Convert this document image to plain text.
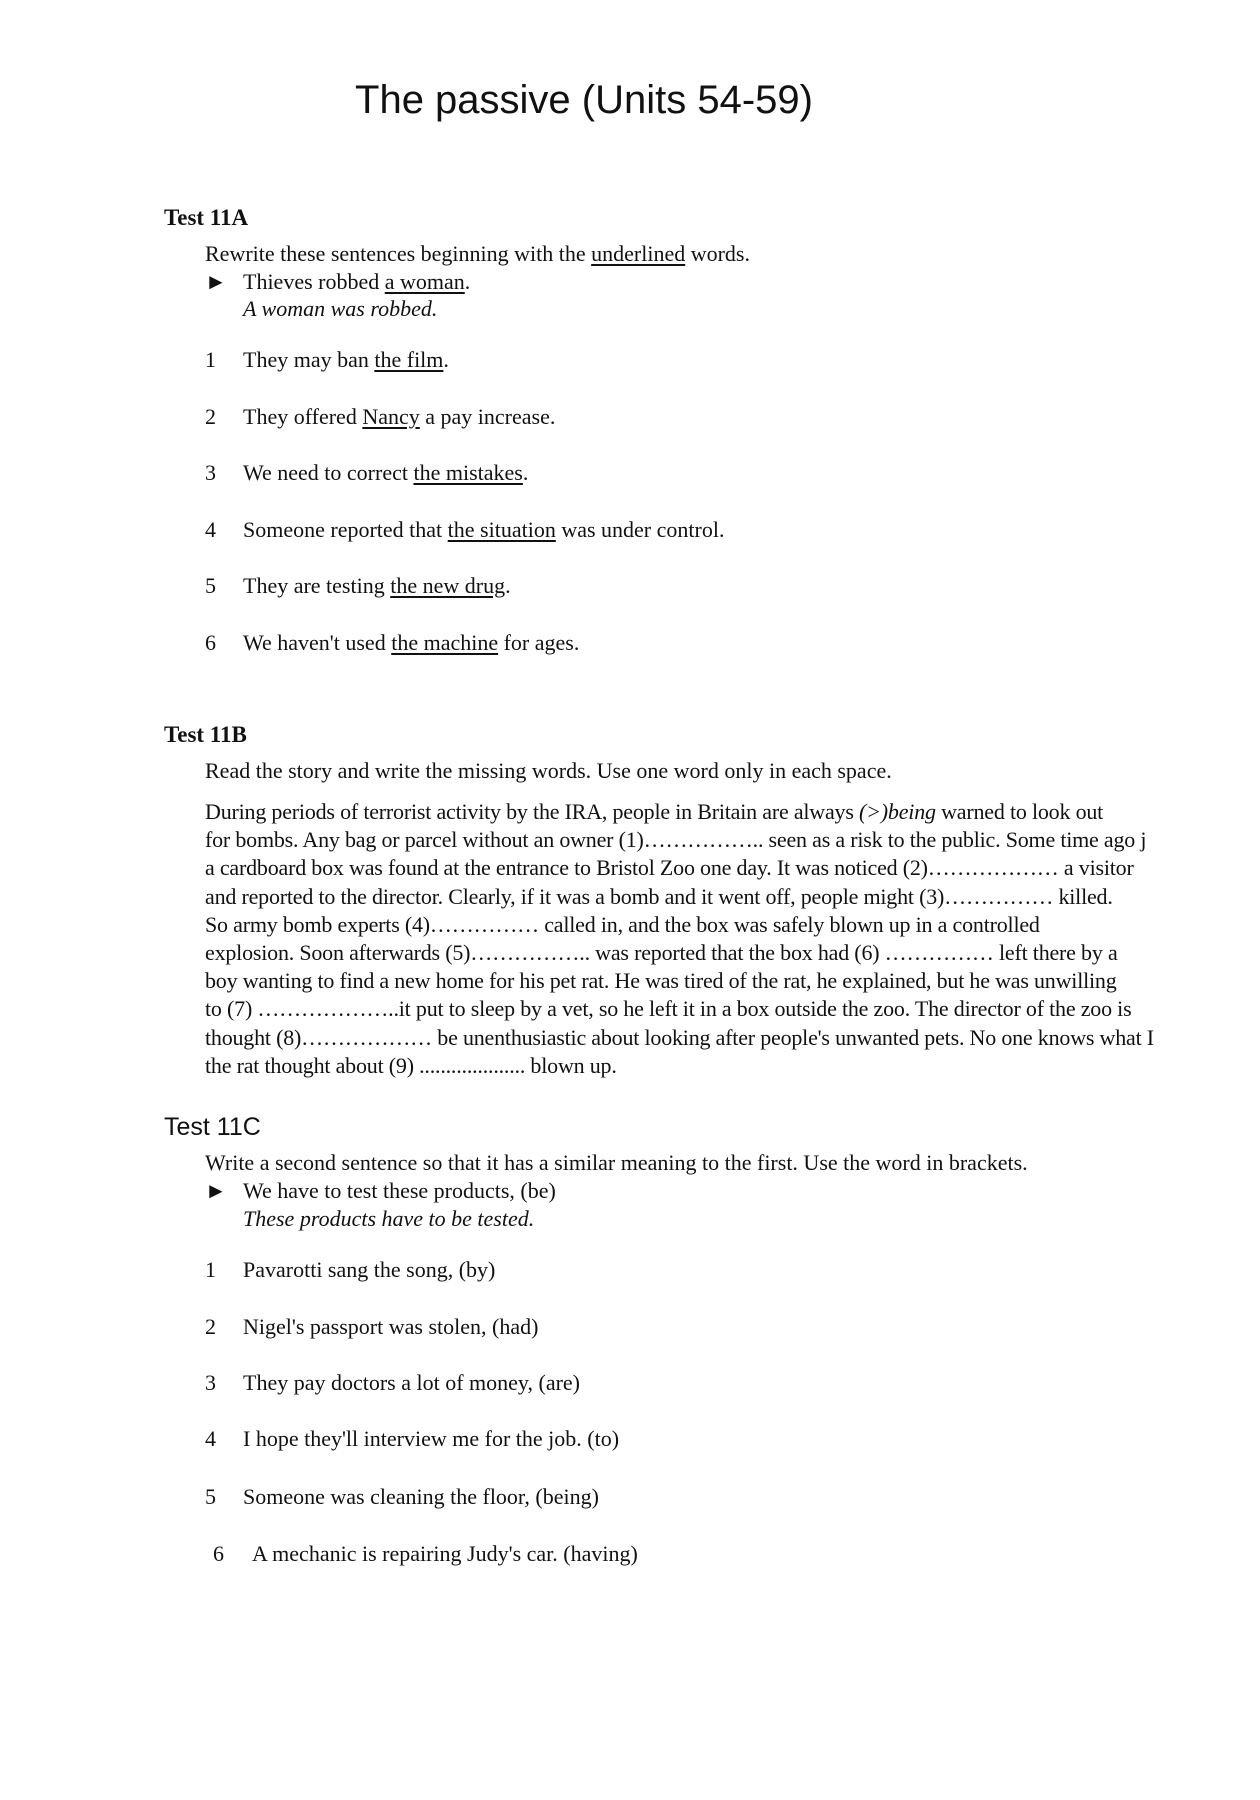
The passive (Units 54-59)
Test 11A
Rewrite these sentences beginning with the underlined words.
► Thieves robbed a woman.
A woman was robbed.
1 They may ban the film.
2 They offered Nancy a pay increase.
3 We need to correct the mistakes.
4 Someone reported that the situation was under control.
5 They are testing the new drug.
6 We haven't used the machine for ages.
Test 11B
Read the story and write the missing words. Use one word only in each space.
During periods of terrorist activity by the IRA, people in Britain are always (>)being warned to look out
for bombs. Any bag or parcel without an owner (1)…………….. seen as a risk to the public. Some time ago j
a cardboard box was found at the entrance to Bristol Zoo one day. It was noticed (2)……………… a visitor
and reported to the director. Clearly, if it was a bomb and it went off, people might (3)…………… killed.
So army bomb experts (4)…………… called in, and the box was safely blown up in a controlled
explosion. Soon afterwards (5)…………….. was reported that the box had (6) …………… left there by a
boy wanting to find a new home for his pet rat. He was tired of the rat, he explained, but he was unwilling
to (7) ………………..it put to sleep by a vet, so he left it in a box outside the zoo. The director of the zoo is
thought (8)……………… be unenthusiastic about looking after people's unwanted pets. No one knows what I
the rat thought about (9) .................... blown up.
Test 11C
Write a second sentence so that it has a similar meaning to the first. Use the word in brackets.
► We have to test these products, (be)
These products have to be tested.
1 Pavarotti sang the song, (by)
2 Nigel's passport was stolen, (had)
3 They pay doctors a lot of money, (are)
4 I hope they'll interview me for the job. (to)
5 Someone was cleaning the floor, (being)
6 A mechanic is repairing Judy's car. (having)
